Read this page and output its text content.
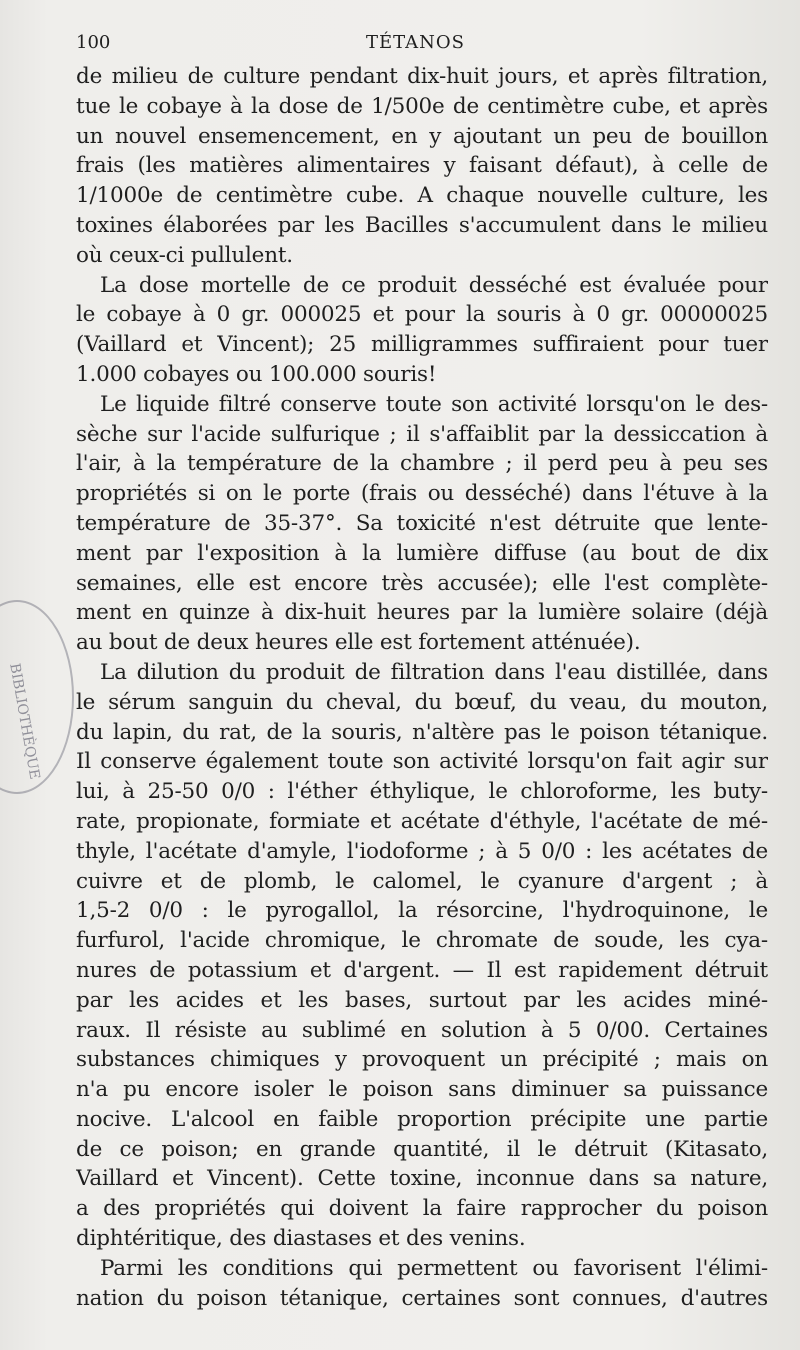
100	TÉTANOS
BIBLIOTHÈQUE
de milieu de culture pendant dix-huit jours, et après filtration,
tue le cobaye à la dose de 1/500e de centimètre cube, et après
un nouvel ensemencement, en y ajoutant un peu de bouillon
frais (les matières alimentaires y faisant défaut), à celle de
1/1000e de centimètre cube. A chaque nouvelle culture, les
toxines élaborées par les Bacilles s'accumulent dans le milieu
où ceux-ci pullulent.
La dose mortelle de ce produit desséché est évaluée pour
le cobaye à 0 gr. 000025 et pour la souris à 0 gr. 00000025
(Vaillard et Vincent); 25 milligrammes suffiraient pour tuer
1.000 cobayes ou 100.000 souris!
Le liquide filtré conserve toute son activité lorsqu'on le des-
sèche sur l'acide sulfurique ; il s'affaiblit par la dessiccation à
l'air, à la température de la chambre ; il perd peu à peu ses
propriétés si on le porte (frais ou desséché) dans l'étuve à la
température de 35-37°. Sa toxicité n'est détruite que lente-
ment par l'exposition à la lumière diffuse (au bout de dix
semaines, elle est encore très accusée); elle l'est complète-
ment en quinze à dix-huit heures par la lumière solaire (déjà
au bout de deux heures elle est fortement atténuée).
La dilution du produit de filtration dans l'eau distillée, dans
le sérum sanguin du cheval, du bœuf, du veau, du mouton,
du lapin, du rat, de la souris, n'altère pas le poison tétanique.
Il conserve également toute son activité lorsqu'on fait agir sur
lui, à 25-50 0/0 : l'éther éthylique, le chloroforme, les buty-
rate, propionate, formiate et acétate d'éthyle, l'acétate de mé-
thyle, l'acétate d'amyle, l'iodoforme ; à 5 0/0 : les acétates de
cuivre et de plomb, le calomel, le cyanure d'argent ; à
1,5-2 0/0 : le pyrogallol, la résorcine, l'hydroquinone, le
furfurol, l'acide chromique, le chromate de soude, les cya-
nures de potassium et d'argent. — Il est rapidement détruit
par les acides et les bases, surtout par les acides miné-
raux. Il résiste au sublimé en solution à 5 0/00. Certaines
substances chimiques y provoquent un précipité ; mais on
n'a pu encore isoler le poison sans diminuer sa puissance
nocive. L'alcool en faible proportion précipite une partie
de ce poison; en grande quantité, il le détruit (Kitasato,
Vaillard et Vincent). Cette toxine, inconnue dans sa nature,
a des propriétés qui doivent la faire rapprocher du poison
diphtéritique, des diastases et des venins.
Parmi les conditions qui permettent ou favorisent l'élimi-
nation du poison tétanique, certaines sont connues, d'autres
